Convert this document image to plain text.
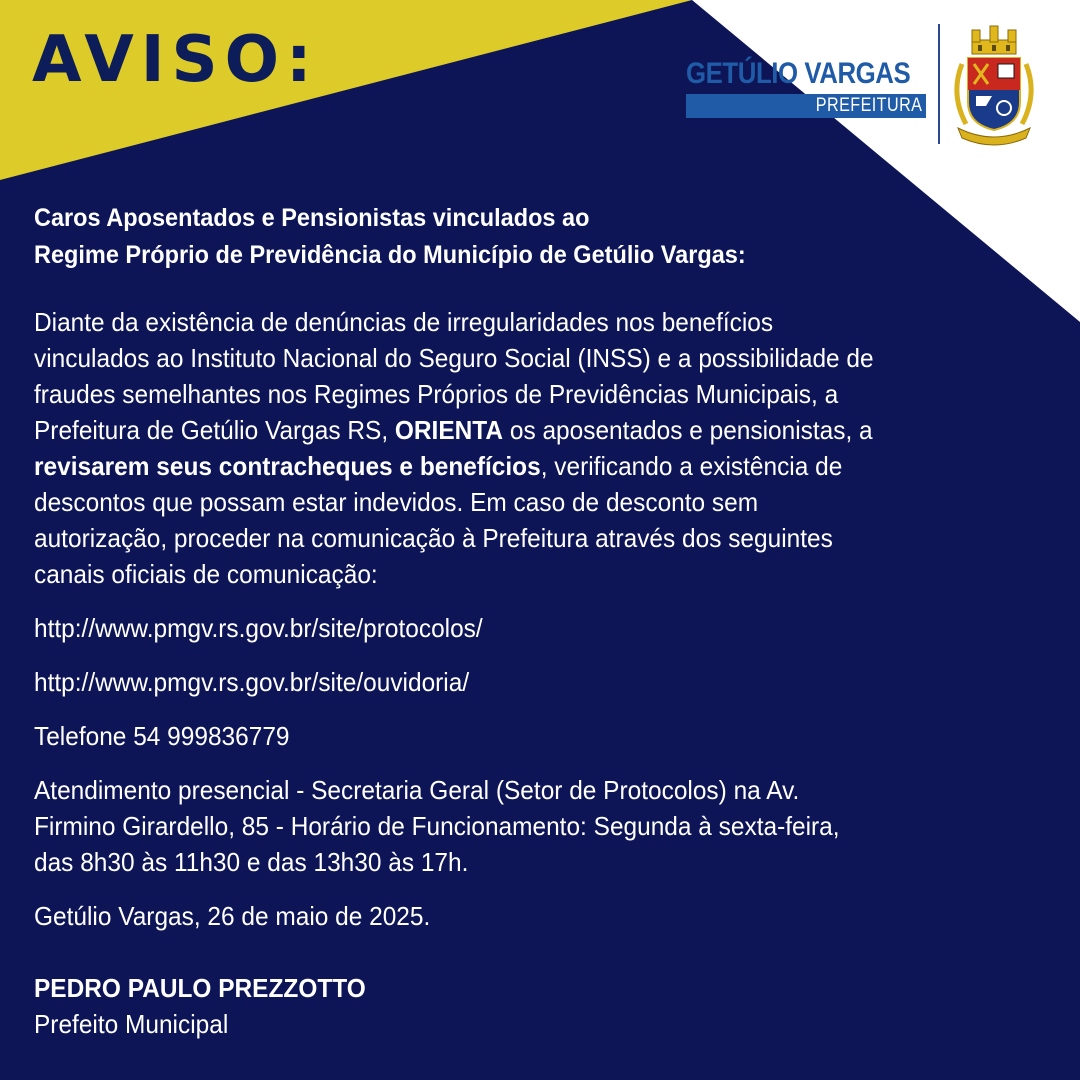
AVISO:	GETÚLIO VARGAS
PREFEITURA

Caros Aposentados e Pensionistas vinculados ao
Regime Próprio de Previdência do Município de Getúlio Vargas:

Diante da existência de denúncias de irregularidades nos benefícios
vinculados ao Instituto Nacional do Seguro Social (INSS) e a possibilidade de
fraudes semelhantes nos Regimes Próprios de Previdências Municipais, a
Prefeitura de Getúlio Vargas RS, ORIENTA os aposentados e pensionistas, a
revisarem seus contracheques e benefícios, verificando a existência de
descontos que possam estar indevidos. Em caso de desconto sem
autorização, proceder na comunicação à Prefeitura através dos seguintes
canais oficiais de comunicação:

http://www.pmgv.rs.gov.br/site/protocolos/

http://www.pmgv.rs.gov.br/site/ouvidoria/

Telefone 54 999836779

Atendimento presencial - Secretaria Geral (Setor de Protocolos) na Av.
Firmino Girardello, 85 - Horário de Funcionamento: Segunda à sexta-feira,
das 8h30 às 11h30 e das 13h30 às 17h.

Getúlio Vargas, 26 de maio de 2025.

PEDRO PAULO PREZZOTTO

Prefeito Municipal
